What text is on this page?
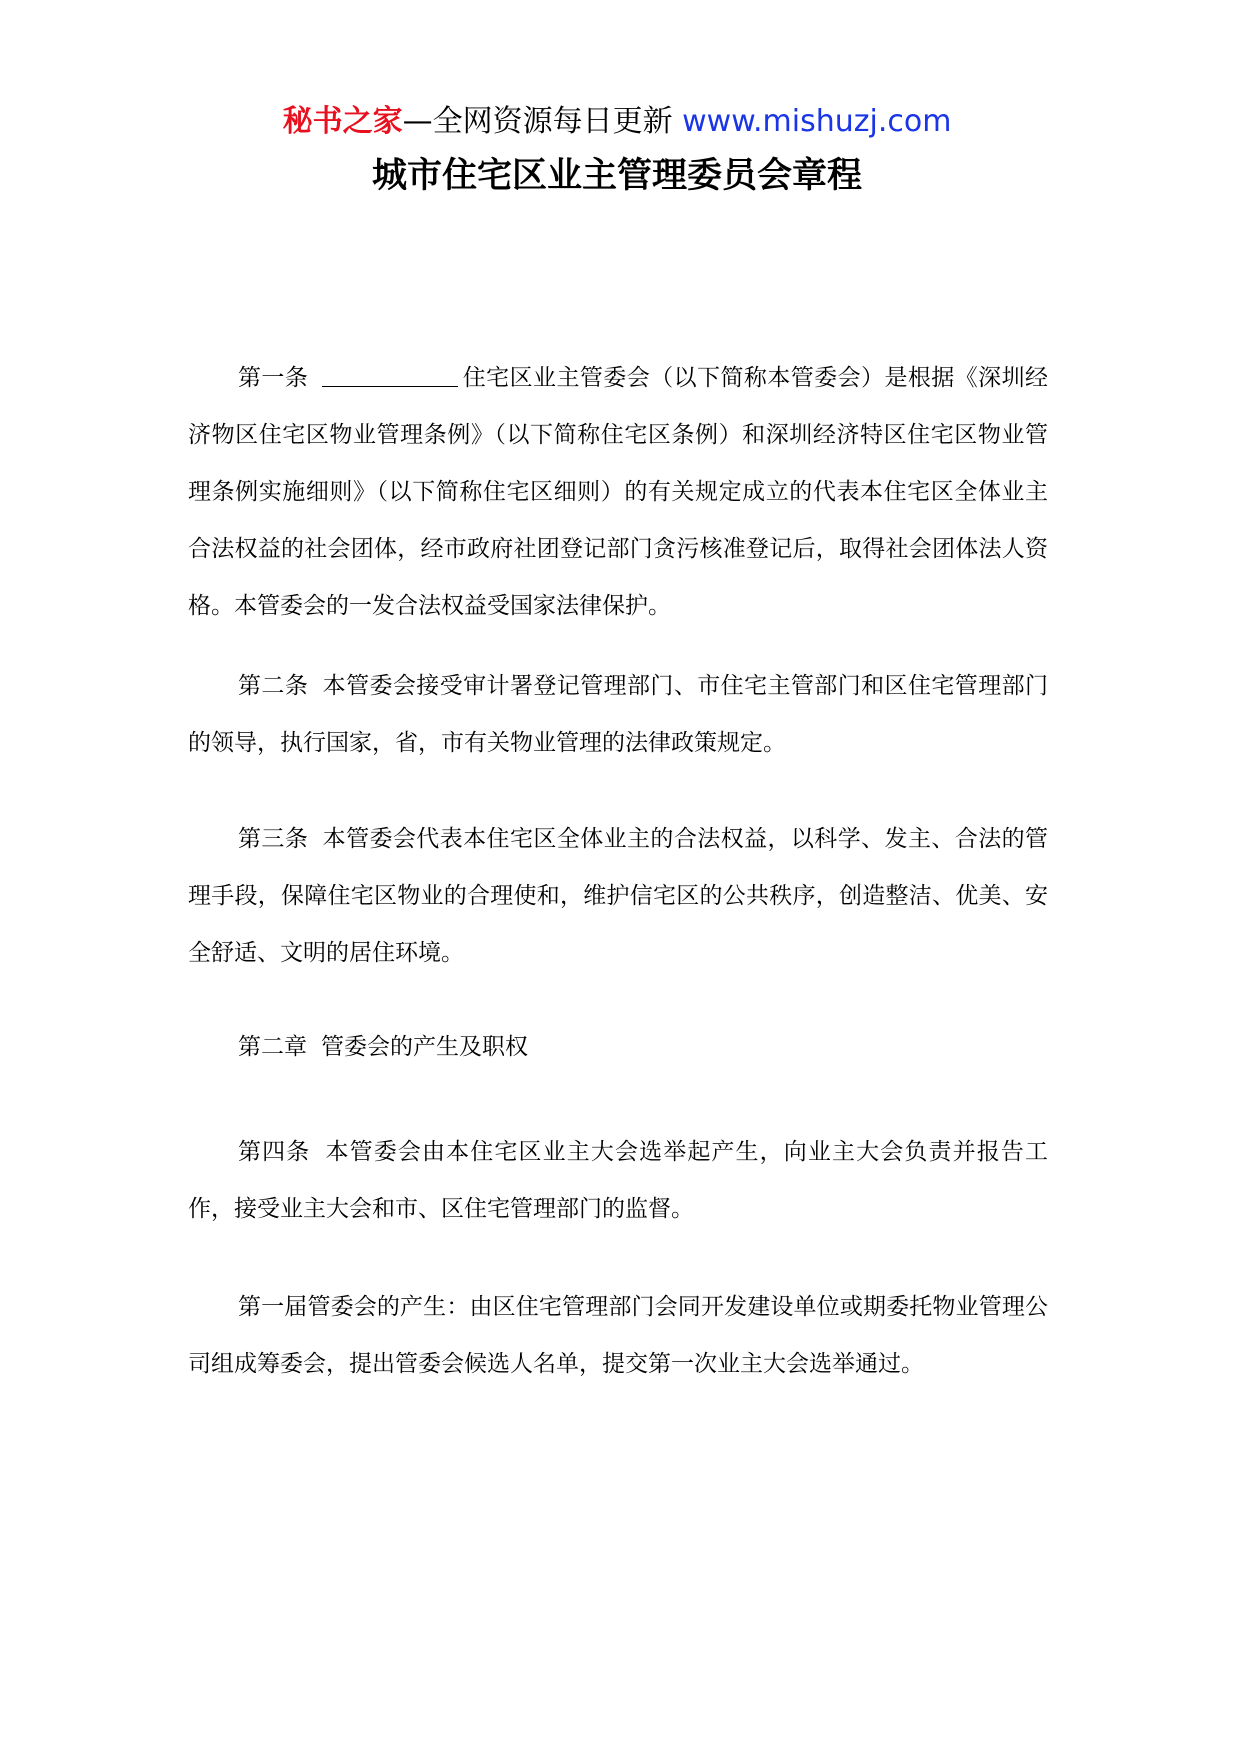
秘书之家—全网资源每日更新 www.mishuzj.com
城市住宅区业主管理委员会章程

第一条	住宅区业主管委会（以下简称本管委会）是根据《深圳经济物区住宅区物业管理条例》（以下简称住宅区条例）和深圳经济特区住宅区物业管理条例实施细则》（以下简称住宅区细则）的有关规定成立的代表本住宅区全体业主合法权益的社会团体，经市政府社团登记部门贪污核准登记后，取得社会团体法人资格。本管委会的一发合法权益受国家法律保护。

第二条 本管委会接受审计署登记管理部门、市住宅主管部门和区住宅管理部门的领导，执行国家，省，市有关物业管理的法律政策规定。

第三条 本管委会代表本住宅区全体业主的合法权益，以科学、发主、合法的管理手段，保障住宅区物业的合理使和，维护信宅区的公共秩序，创造整洁、优美、安全舒适、文明的居住环境。

第二章 管委会的产生及职权

第四条 本管委会由本住宅区业主大会选举起产生，向业主大会负责并报告工作，接受业主大会和市、区住宅管理部门的监督。

第一届管委会的产生：由区住宅管理部门会同开发建设单位或期委托物业管理公司组成筹委会，提出管委会候选人名单，提交第一次业主大会选举通过。
